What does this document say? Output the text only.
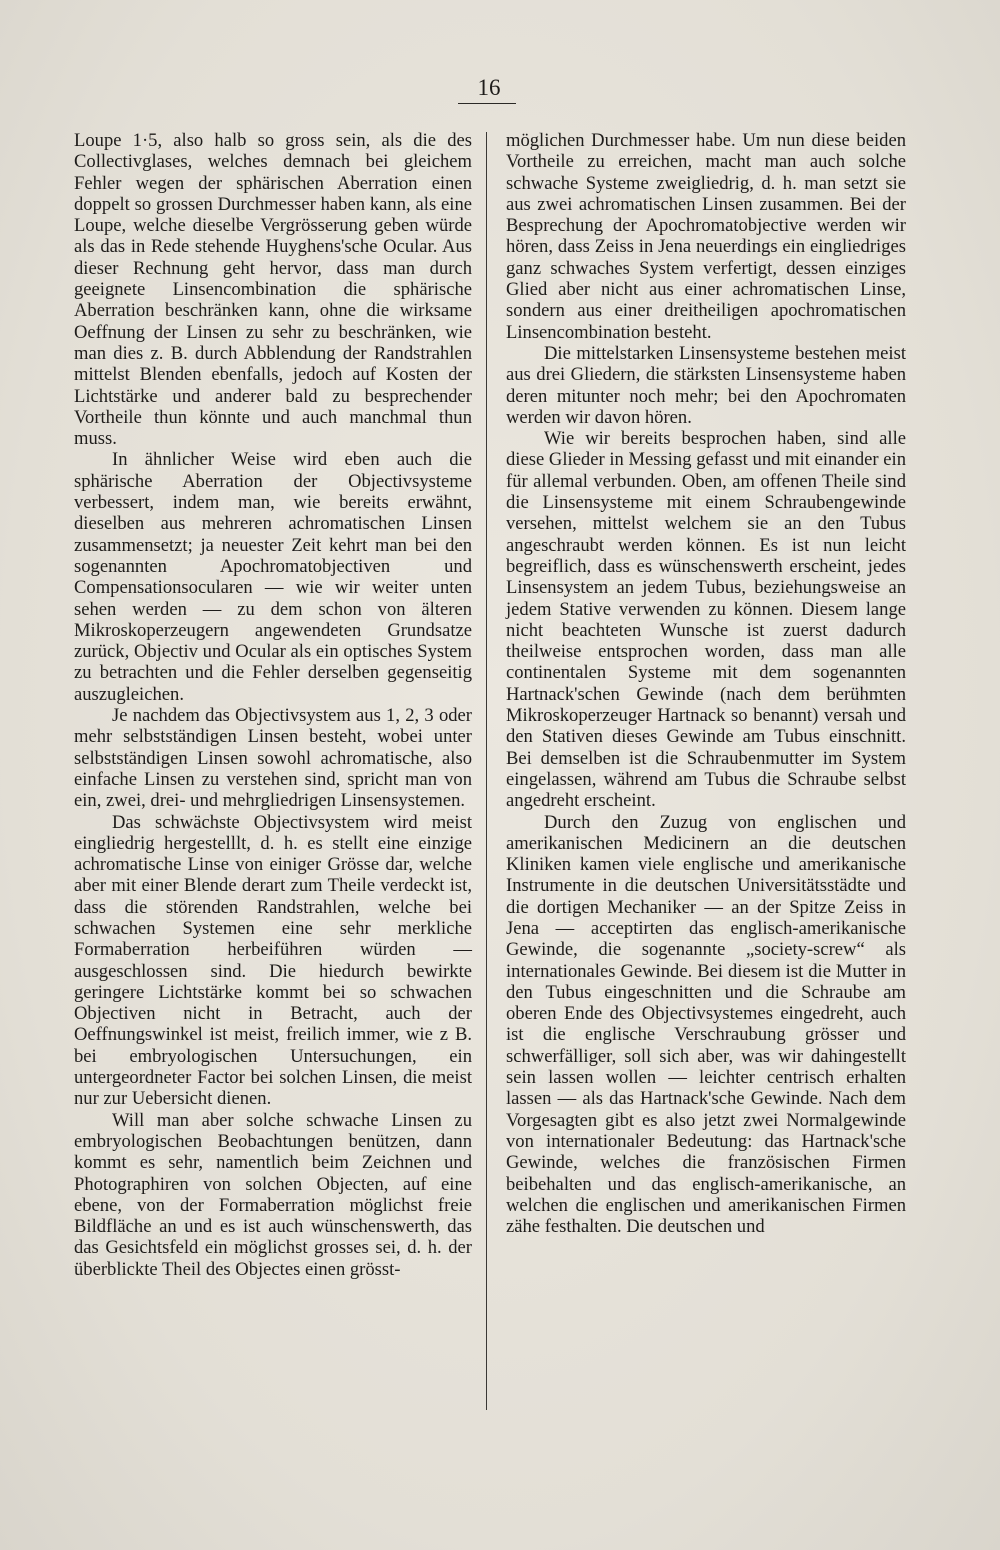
16

Loupe 1·5, also halb so gross sein, als die des Collectivglases, welches demnach bei gleichem Fehler wegen der sphärischen Aberration einen doppelt so grossen Durchmesser haben kann, als eine Loupe, welche dieselbe Vergrösserung geben würde als das in Rede stehende Huyghens'sche Ocular. Aus dieser Rechnung geht hervor, dass man durch geeignete Linsencombination die sphärische Aberration beschränken kann, ohne die wirksame Oeffnung der Linsen zu sehr zu beschränken, wie man dies z. B. durch Abblendung der Randstrahlen mittelst Blenden ebenfalls, jedoch auf Kosten der Lichtstärke und anderer bald zu besprechender Vortheile thun könnte und auch manchmal thun muss.

In ähnlicher Weise wird eben auch die sphärische Aberration der Objectivsysteme verbessert, indem man, wie bereits erwähnt, dieselben aus mehreren achromatischen Linsen zusammensetzt; ja neuester Zeit kehrt man bei den sogenannten Apochromatobjectiven und Compensationsocularen — wie wir weiter unten sehen werden — zu dem schon von älteren Mikroskoperzeugern angewendeten Grundsatze zurück, Objectiv und Ocular als ein optisches System zu betrachten und die Fehler derselben gegenseitig auszugleichen.

Je nachdem das Objectivsystem aus 1, 2, 3 oder mehr selbstständigen Linsen besteht, wobei unter selbstständigen Linsen sowohl achromatische, also einfache Linsen zu verstehen sind, spricht man von ein, zwei, drei- und mehrgliedrigen Linsensystemen.

Das schwächste Objectivsystem wird meist eingliedrig hergestelllt, d. h. es stellt eine einzige achromatische Linse von einiger Grösse dar, welche aber mit einer Blende derart zum Theile verdeckt ist, dass die störenden Randstrahlen, welche bei schwachen Systemen eine sehr merkliche Formaberration herbeiführen würden — ausgeschlossen sind. Die hiedurch bewirkte geringere Lichtstärke kommt bei so schwachen Objectiven nicht in Betracht, auch der Oeffnungswinkel ist meist, freilich immer, wie z B. bei embryologischen Untersuchungen, ein untergeordneter Factor bei solchen Linsen, die meist nur zur Uebersicht dienen.

Will man aber solche schwache Linsen zu embryologischen Beobachtungen benützen, dann kommt es sehr, namentlich beim Zeichnen und Photographiren von solchen Objecten, auf eine ebene, von der Formaberration möglichst freie Bildfläche an und es ist auch wünschenswerth, das das Gesichtsfeld ein möglichst grosses sei, d. h. der überblickte Theil des Objectes einen grösst-

möglichen Durchmesser habe. Um nun diese beiden Vortheile zu erreichen, macht man auch solche schwache Systeme zweigliedrig, d. h. man setzt sie aus zwei achromatischen Linsen zusammen. Bei der Besprechung der Apochromatobjective werden wir hören, dass Zeiss in Jena neuerdings ein eingliedriges ganz schwaches System verfertigt, dessen einziges Glied aber nicht aus einer achromatischen Linse, sondern aus einer dreitheiligen apochromatischen Linsencombination besteht.

Die mittelstarken Linsensysteme bestehen meist aus drei Gliedern, die stärksten Linsensysteme haben deren mitunter noch mehr; bei den Apochromaten werden wir davon hören.

Wie wir bereits besprochen haben, sind alle diese Glieder in Messing gefasst und mit einander ein für allemal verbunden. Oben, am offenen Theile sind die Linsensysteme mit einem Schraubengewinde versehen, mittelst welchem sie an den Tubus angeschraubt werden können. Es ist nun leicht begreiflich, dass es wünschenswerth erscheint, jedes Linsensystem an jedem Tubus, beziehungsweise an jedem Stative verwenden zu können. Diesem lange nicht beachteten Wunsche ist zuerst dadurch theilweise entsprochen worden, dass man alle continentalen Systeme mit dem sogenannten Hartnack'schen Gewinde (nach dem berühmten Mikroskoperzeuger Hartnack so benannt) versah und den Stativen dieses Gewinde am Tubus einschnitt. Bei demselben ist die Schraubenmutter im System eingelassen, während am Tubus die Schraube selbst angedreht erscheint.

Durch den Zuzug von englischen und amerikanischen Medicinern an die deutschen Kliniken kamen viele englische und amerikanische Instrumente in die deutschen Universitätsstädte und die dortigen Mechaniker — an der Spitze Zeiss in Jena — acceptirten das englisch-amerikanische Gewinde, die sogenannte „society-screw“ als internationales Gewinde. Bei diesem ist die Mutter in den Tubus eingeschnitten und die Schraube am oberen Ende des Objectivsystemes eingedreht, auch ist die englische Verschraubung grösser und schwerfälliger, soll sich aber, was wir dahingestellt sein lassen wollen — leichter centrisch erhalten lassen — als das Hartnack'sche Gewinde. Nach dem Vorgesagten gibt es also jetzt zwei Normalgewinde von internationaler Bedeutung: das Hartnack'sche Gewinde, welches die französischen Firmen beibehalten und das englisch-amerikanische, an welchen die englischen und amerikanischen Firmen zähe festhalten. Die deutschen und
